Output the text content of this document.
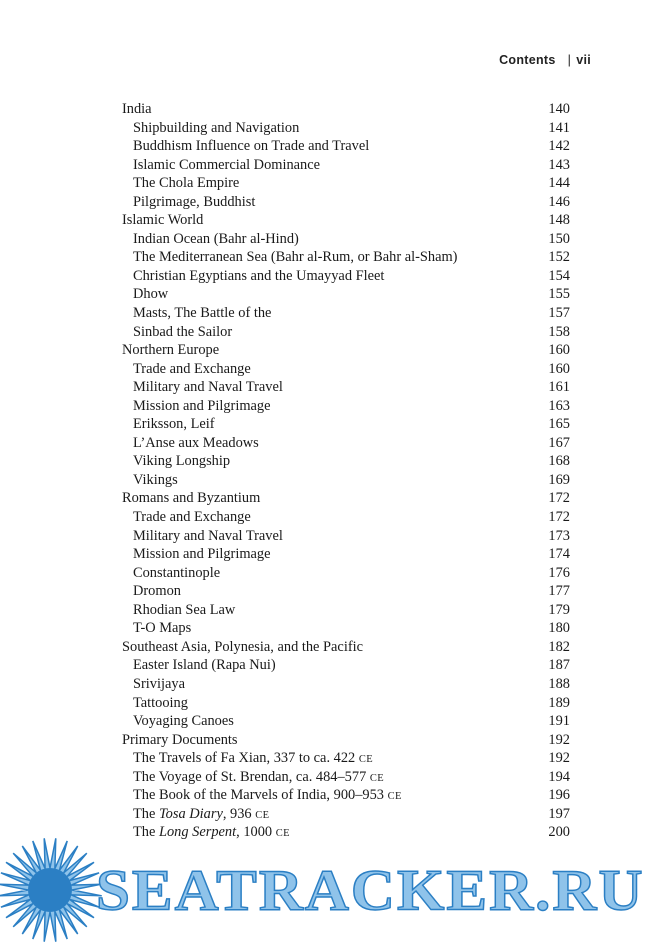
Contents | vii
India	140
Shipbuilding and Navigation	141
Buddhism Influence on Trade and Travel	142
Islamic Commercial Dominance	143
The Chola Empire	144
Pilgrimage, Buddhist	146
Islamic World	148
Indian Ocean (Bahr al-Hind)	150
The Mediterranean Sea (Bahr al-Rum, or Bahr al-Sham)	152
Christian Egyptians and the Umayyad Fleet	154
Dhow	155
Masts, The Battle of the	157
Sinbad the Sailor	158
Northern Europe	160
Trade and Exchange	160
Military and Naval Travel	161
Mission and Pilgrimage	163
Eriksson, Leif	165
L’Anse aux Meadows	167
Viking Longship	168
Vikings	169
Romans and Byzantium	172
Trade and Exchange	172
Military and Naval Travel	173
Mission and Pilgrimage	174
Constantinople	176
Dromon	177
Rhodian Sea Law	179
T-O Maps	180
Southeast Asia, Polynesia, and the Pacific	182
Easter Island (Rapa Nui)	187
Srivijaya	188
Tattooing	189
Voyaging Canoes	191
Primary Documents	192
The Travels of Fa Xian, 337 to ca. 422 CE	192
The Voyage of St. Brendan, ca. 484–577 CE	194
The Book of the Marvels of India, 900–953 CE	196
The Tosa Diary, 936 CE	197
The Long Serpent, 1000 CE	200
SEATRACKER.RU
